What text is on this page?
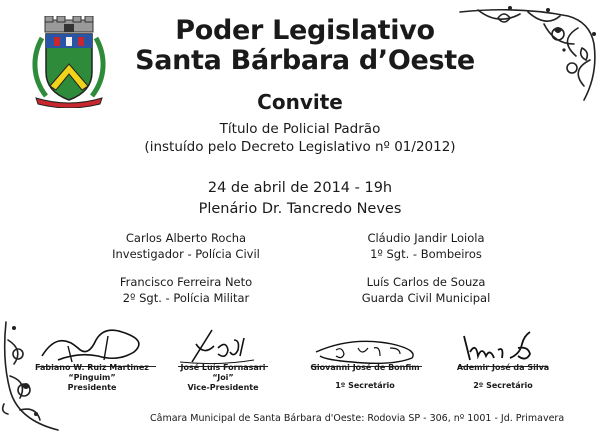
Poder Legislativo
Santa Bárbara d’Oeste
Convite
Título de Policial Padrão
(instuído pelo Decreto Legislativo nº 01/2012)
24 de abril de 2014 - 19h
Plenário Dr. Tancredo Neves
Carlos Alberto Rocha
Investigador - Polícia Civil
Cláudio Jandir Loiola
1º Sgt. - Bombeiros
Francisco Ferreira Neto
2º Sgt. - Polícia Militar
Luís Carlos de Souza
Guarda Civil Municipal
Fabiano W. Ruiz Martinez
“Pinguim”
Presidente
José Luís Fornasari
“Joi”
Vice-Presidente
Giovanni José de Bonfim
1º Secretário
Ademir José da Silva
2º Secretário
Câmara Municipal de Santa Bárbara d'Oeste: Rodovia SP - 306, nº 1001 - Jd. Primavera
